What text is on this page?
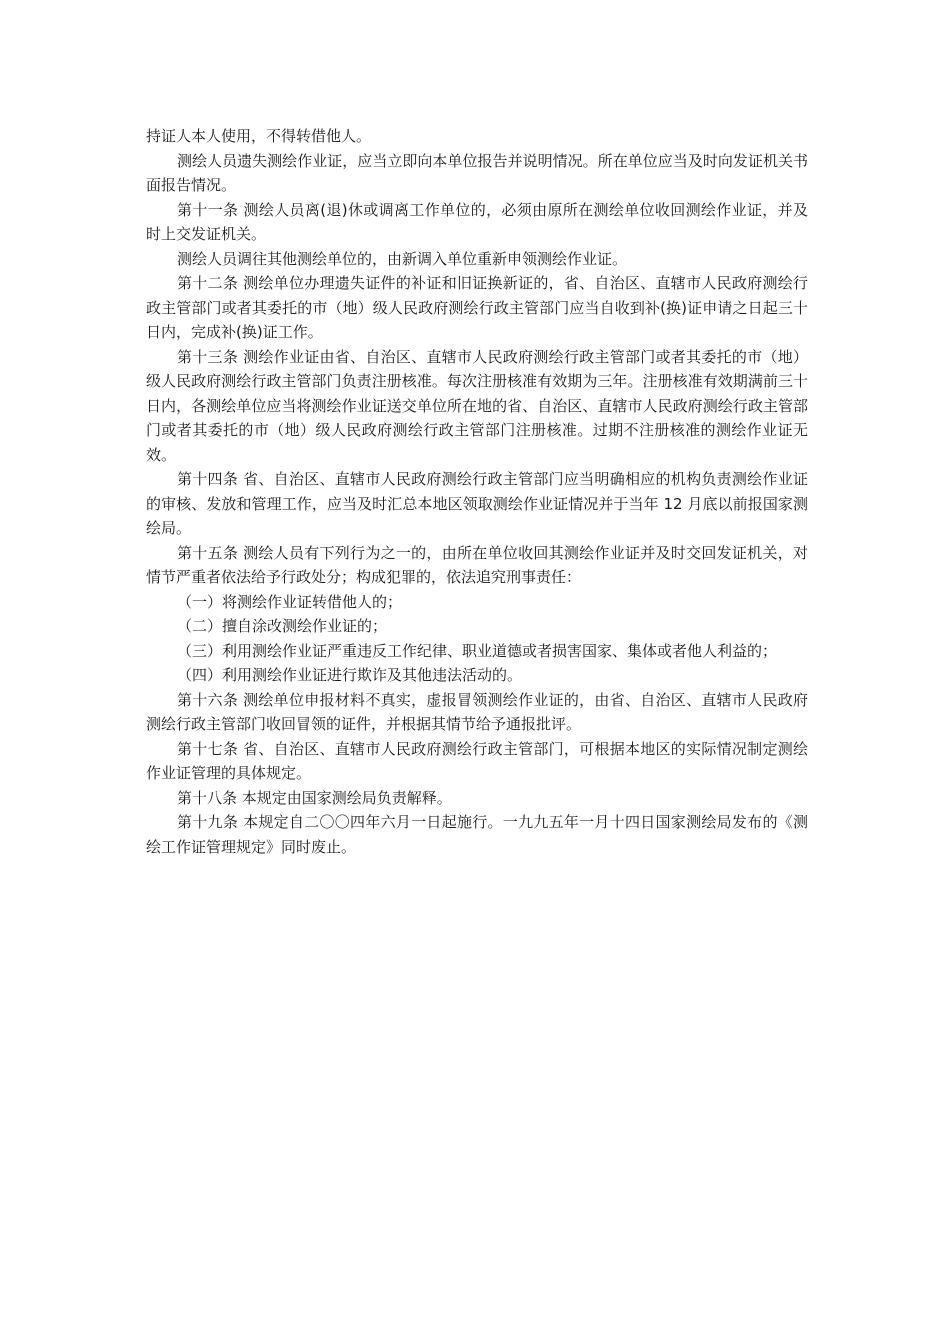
持证人本人使用，不得转借他人。

测绘人员遗失测绘作业证，应当立即向本单位报告并说明情况。所在单位应当及时向发证机关书面报告情况。

第十一条 测绘人员离(退)休或调离工作单位的，必须由原所在测绘单位收回测绘作业证，并及时上交发证机关。

测绘人员调往其他测绘单位的，由新调入单位重新申领测绘作业证。

第十二条 测绘单位办理遗失证件的补证和旧证换新证的，省、自治区、直辖市人民政府测绘行政主管部门或者其委托的市（地）级人民政府测绘行政主管部门应当自收到补(换)证申请之日起三十日内，完成补(换)证工作。

第十三条 测绘作业证由省、自治区、直辖市人民政府测绘行政主管部门或者其委托的市（地）级人民政府测绘行政主管部门负责注册核准。每次注册核准有效期为三年。注册核准有效期满前三十日内，各测绘单位应当将测绘作业证送交单位所在地的省、自治区、直辖市人民政府测绘行政主管部门或者其委托的市（地）级人民政府测绘行政主管部门注册核准。过期不注册核准的测绘作业证无效。

第十四条 省、自治区、直辖市人民政府测绘行政主管部门应当明确相应的机构负责测绘作业证的审核、发放和管理工作，应当及时汇总本地区领取测绘作业证情况并于当年 12 月底以前报国家测绘局。

第十五条 测绘人员有下列行为之一的，由所在单位收回其测绘作业证并及时交回发证机关，对情节严重者依法给予行政处分；构成犯罪的，依法追究刑事责任：

（一）将测绘作业证转借他人的；

（二）擅自涂改测绘作业证的；

（三）利用测绘作业证严重违反工作纪律、职业道德或者损害国家、集体或者他人利益的；

（四）利用测绘作业证进行欺诈及其他违法活动的。

第十六条 测绘单位申报材料不真实，虚报冒领测绘作业证的，由省、自治区、直辖市人民政府测绘行政主管部门收回冒领的证件，并根据其情节给予通报批评。

第十七条 省、自治区、直辖市人民政府测绘行政主管部门，可根据本地区的实际情况制定测绘作业证管理的具体规定。

第十八条 本规定由国家测绘局负责解释。

第十九条 本规定自二〇〇四年六月一日起施行。一九九五年一月十四日国家测绘局发布的《测绘工作证管理规定》同时废止。
